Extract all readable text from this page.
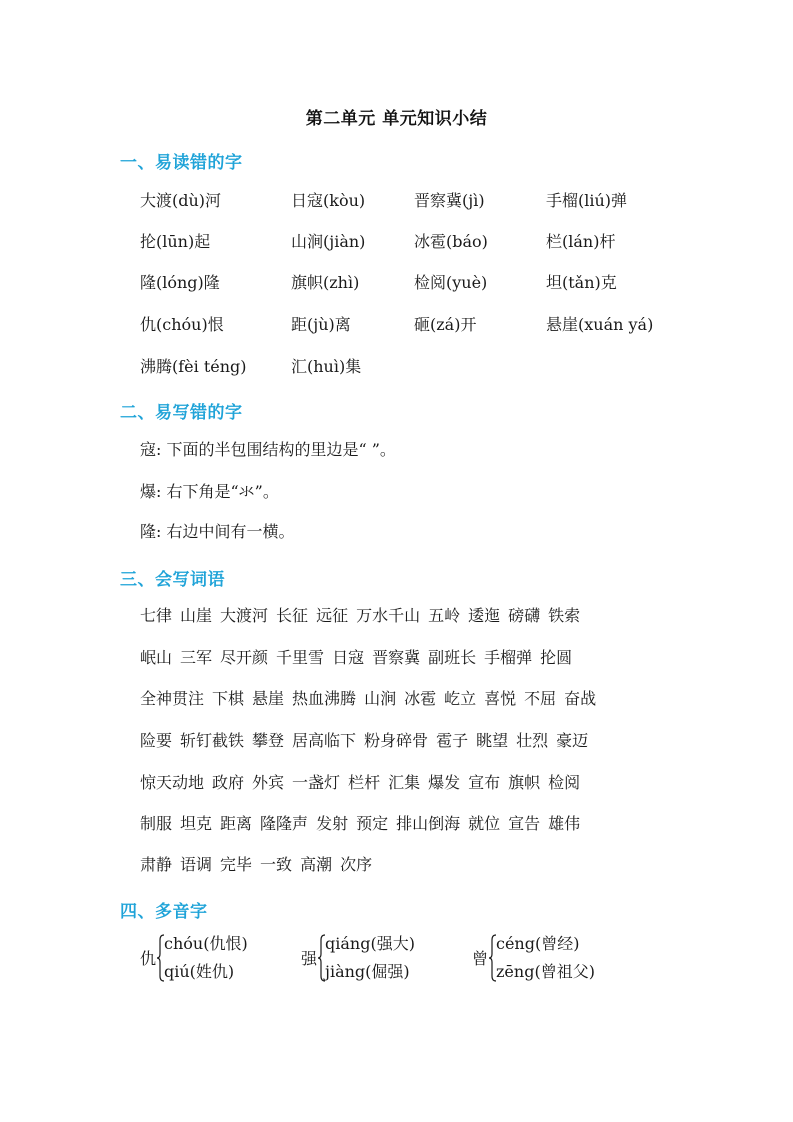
第二单元 单元知识小结
一、易读错的字
大渡(dù)河	日寇(kòu)	晋察冀(jì)	手榴(liú)弹
抡(lūn)起	山涧(jiàn)	冰雹(báo)	栏(lán)杆
隆(lóng)隆	旗帜(zhì)	检阅(yuè)	坦(tǎn)克
仇(chóu)恨	距(jù)离	砸(zá)开	悬崖(xuán yá)
沸腾(fèi téng)	汇(huì)集
二、易写错的字
寇: 下面的半包围结构的里边是“ ”。
爆: 右下角是“氺”。
隆: 右边中间有一横。
三、会写词语
七律 山崖 大渡河 长征 远征 万水千山 五岭 逶迤 磅礴 铁索
岷山 三军 尽开颜 千里雪 日寇 晋察冀 副班长 手榴弹 抡圆
全神贯注 下棋 悬崖 热血沸腾 山涧 冰雹 屹立 喜悦 不屈 奋战
险要 斩钉截铁 攀登 居高临下 粉身碎骨 雹子 眺望 壮烈 豪迈
惊天动地 政府 外宾 一盏灯 栏杆 汇集 爆发 宣布 旗帜 检阅
制服 坦克 距离 隆隆声 发射 预定 排山倒海 就位 宣告 雄伟
肃静 语调 完毕 一致 高潮 次序
四、多音字
仇
chóu(仇恨)
qiú(姓仇)
强
qiáng(强大)
jiàng(倔强)
曾
céng(曾经)
zēng(曾祖父)
